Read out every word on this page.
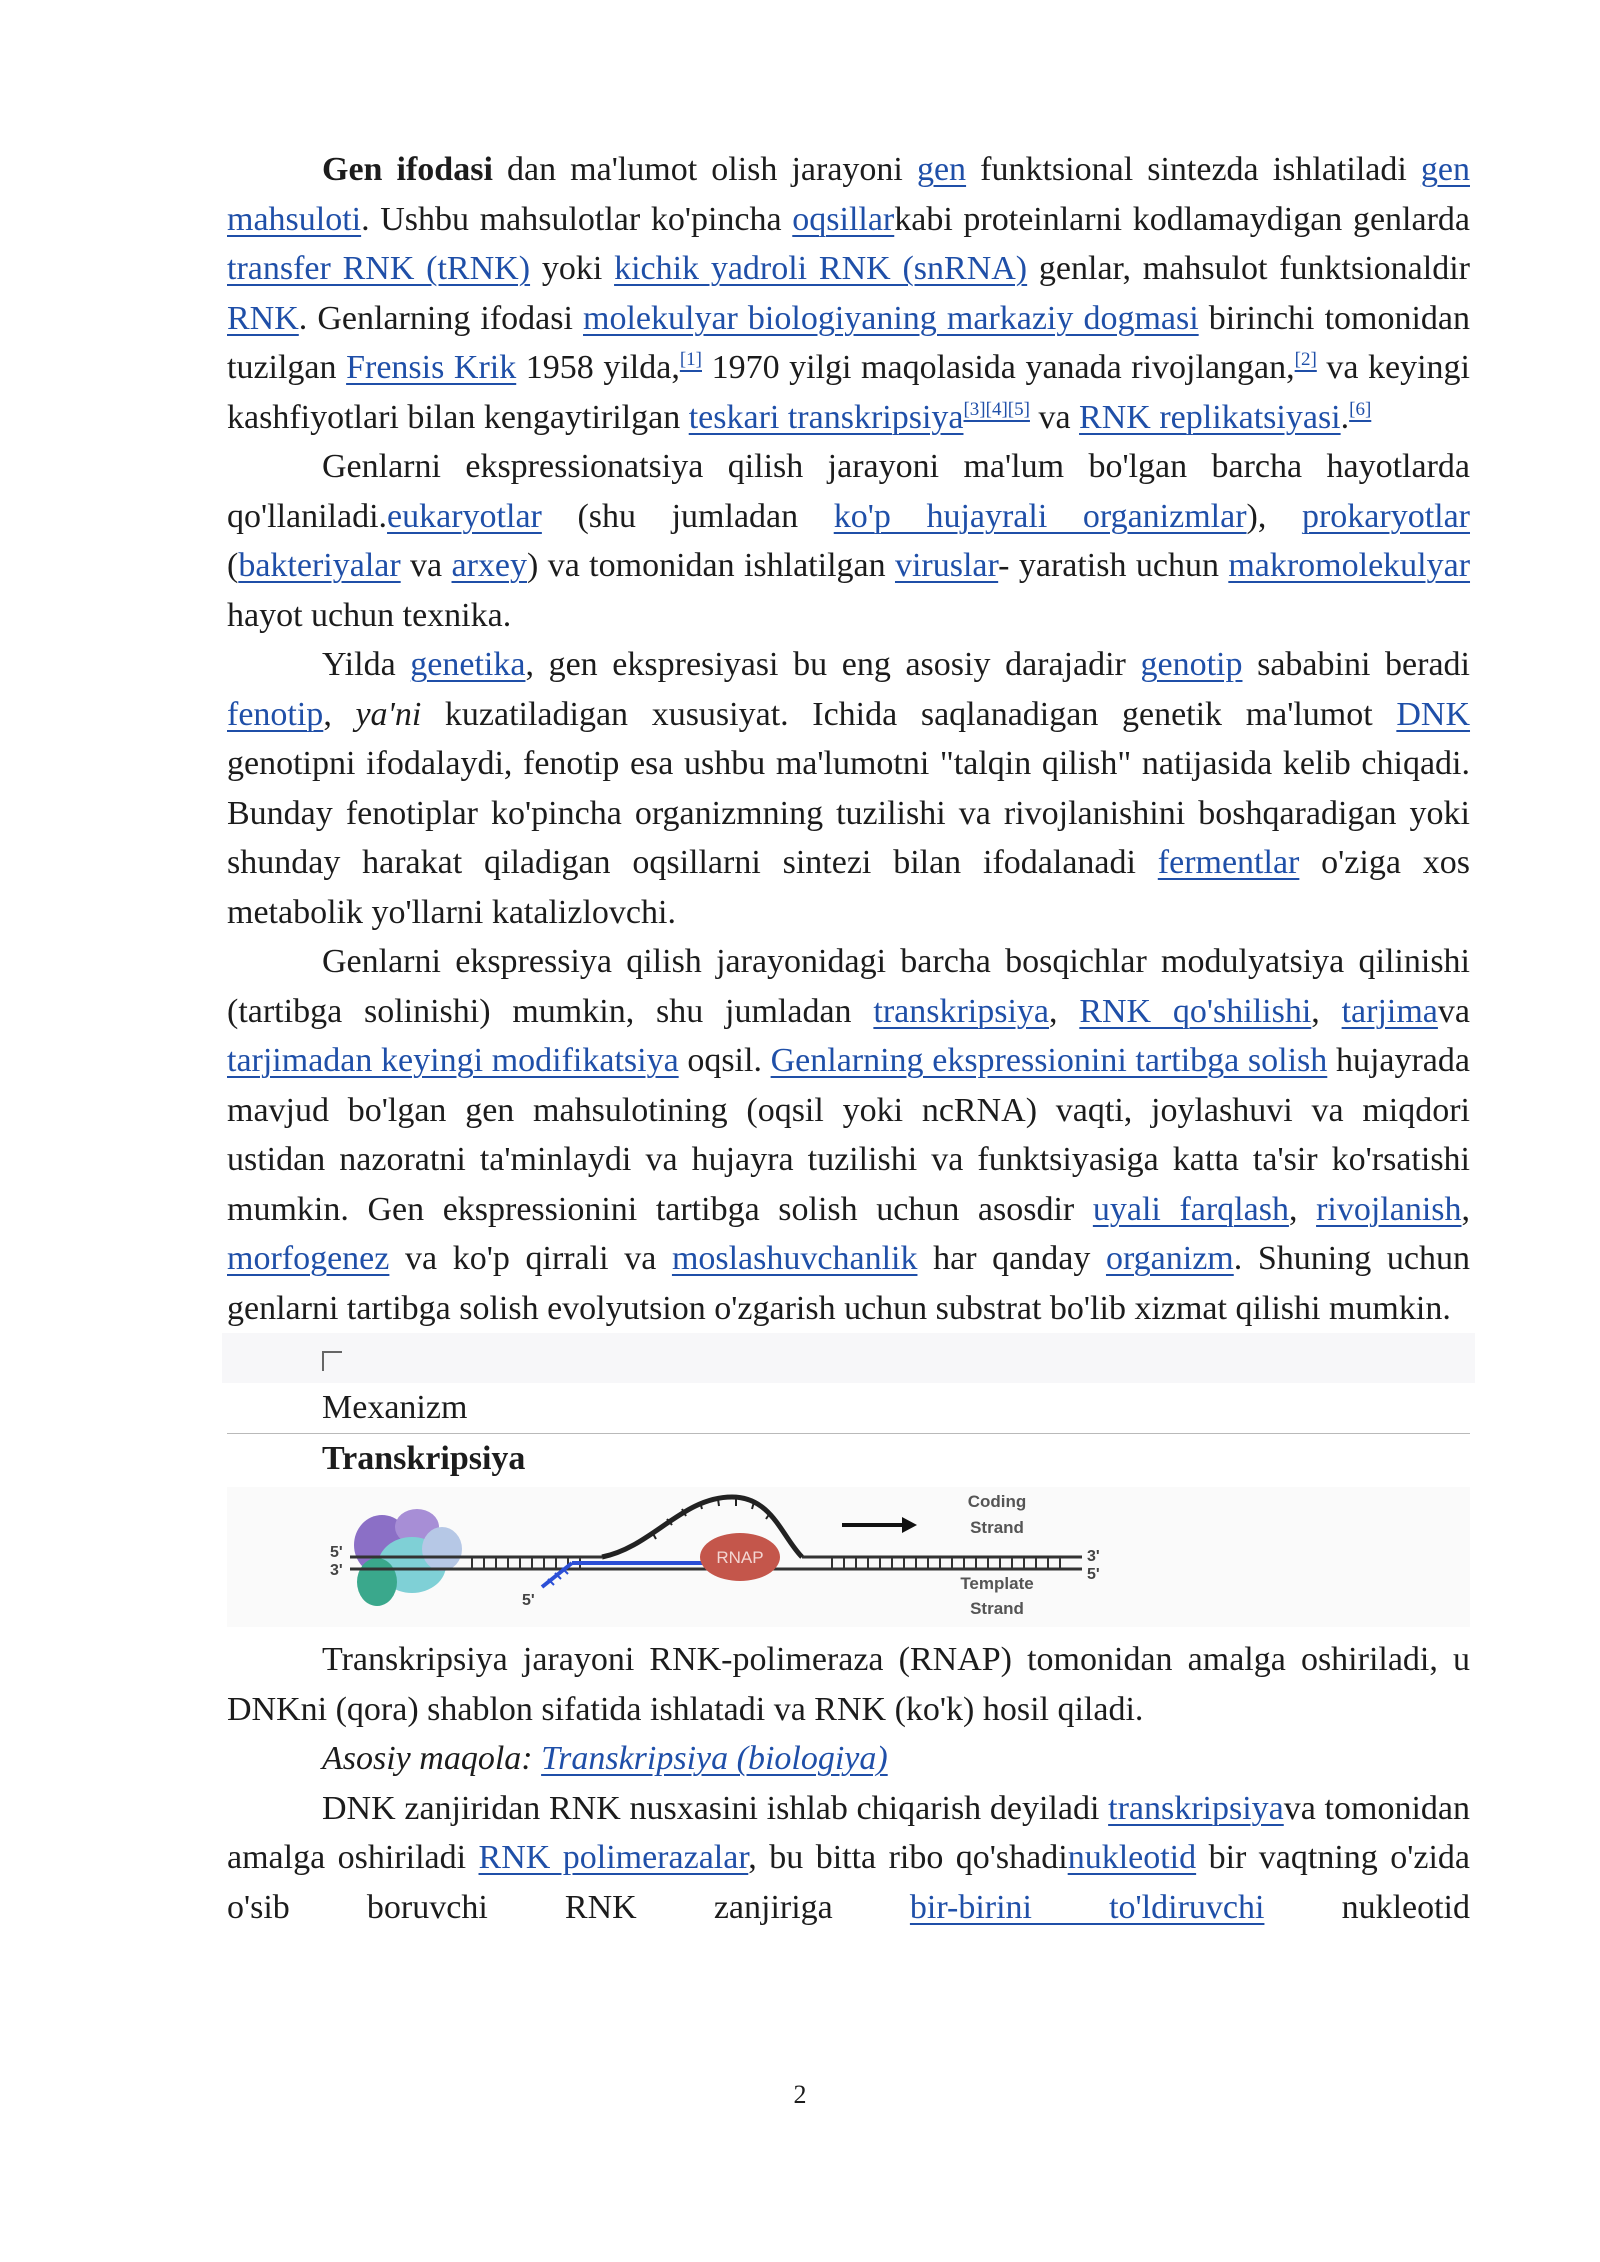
Gen ifodasi dan ma'lumot olish jarayoni gen funktsional sintezda ishlatiladi gen mahsuloti. Ushbu mahsulotlar ko'pincha oqsillarkabi proteinlarni kodlamaydigan genlarda transfer RNK (tRNK) yoki kichik yadroli RNK (snRNA) genlar, mahsulot funktsionaldir RNK. Genlarning ifodasi molekulyar biologiyaning markaziy dogmasi birinchi tomonidan tuzilgan Frensis Krik 1958 yilda,[1] 1970 yilgi maqolasida yanada rivojlangan,[2] va keyingi kashfiyotlari bilan kengaytirilgan teskari transkripsiya[3][4][5] va RNK replikatsiyasi.[6]

Genlarni ekspressionatsiya qilish jarayoni ma'lum bo'lgan barcha hayotlarda qo'llaniladi.eukaryotlar (shu jumladan ko'p hujayrali organizmlar), prokaryotlar (bakteriyalar va arxey) va tomonidan ishlatilgan viruslar- yaratish uchun makromolekulyar hayot uchun texnika.

Yilda genetika, gen ekspresiyasi bu eng asosiy darajadir genotip sababini beradi fenotip, ya'ni kuzatiladigan xususiyat. Ichida saqlanadigan genetik ma'lumot DNK genotipni ifodalaydi, fenotip esa ushbu ma'lumotni "talqin qilish" natijasida kelib chiqadi. Bunday fenotiplar ko'pincha organizmning tuzilishi va rivojlanishini boshqaradigan yoki shunday harakat qiladigan oqsillarni sintezi bilan ifodalanadi fermentlar o'ziga xos metabolik yo'llarni katalizlovchi.

Genlarni ekspressiya qilish jarayonidagi barcha bosqichlar modulyatsiya qilinishi (tartibga solinishi) mumkin, shu jumladan transkripsiya, RNK qo'shilishi, tarjimava tarjimadan keyingi modifikatsiya oqsil. Genlarning ekspressionini tartibga solish hujayrada mavjud bo'lgan gen mahsulotining (oqsil yoki ncRNA) vaqti, joylashuvi va miqdori ustidan nazoratni ta'minlaydi va hujayra tuzilishi va funktsiyasiga katta ta'sir ko'rsatishi mumkin. Gen ekspressionini tartibga solish uchun asosdir uyali farqlash, rivojlanish, morfogenez va ko'p qirrali va moslashuvchanlik har qanday organizm. Shuning uchun genlarni tartibga solish evolyutsion o'zgarish uchun substrat bo'lib xizmat qilishi mumkin.

Mexanizm
Transkripsiya
RNAP
5'
3'
5'
Coding
Strand
Template
Strand
3'
5'

Transkripsiya jarayoni RNK-polimeraza (RNAP) tomonidan amalga oshiriladi, u DNKni (qora) shablon sifatida ishlatadi va RNK (ko'k) hosil qiladi.

Asosiy maqola: Transkripsiya (biologiya)

DNK zanjiridan RNK nusxasini ishlab chiqarish deyiladi transkripsiyava tomonidan amalga oshiriladi RNK polimerazalar, bu bitta ribo qo'shadinukleotid bir vaqtning o'zida o'sib boruvchi RNK zanjiriga bir-birini to'ldiruvchi nukleotid

2
